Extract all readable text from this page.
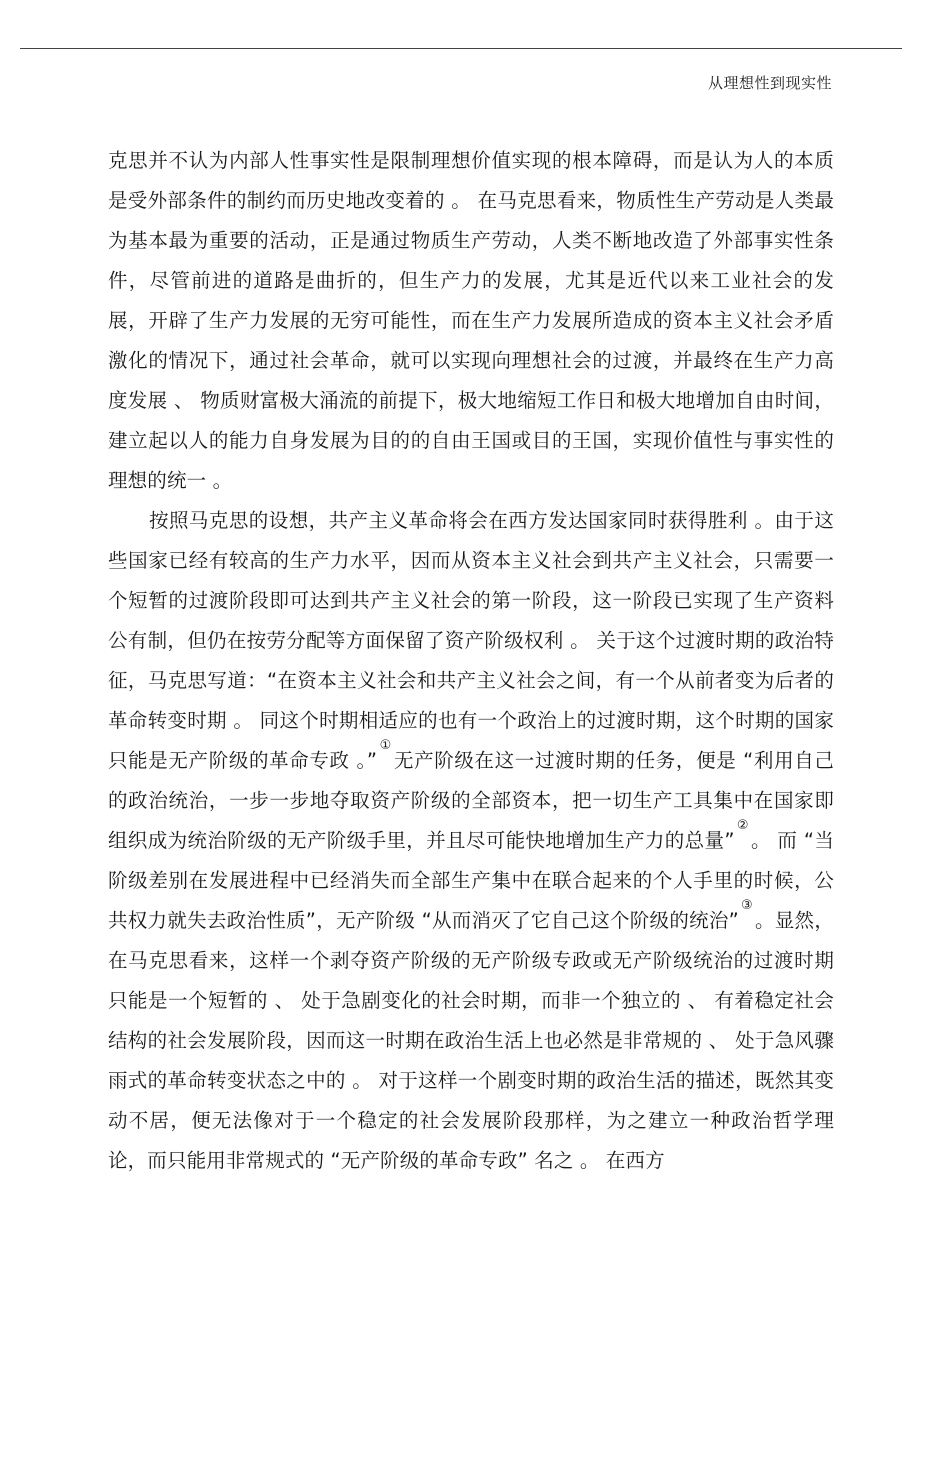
从理想性到现实性

克思并不认为内部人性事实性是限制理想价值实现的根本障碍，而是认为人的本质是受外部条件的制约而历史地改变着的 。 在马克思看来，物质性生产劳动是人类最为基本最为重要的活动，正是通过物质生产劳动，人类不断地改造了外部事实性条件，尽管前进的道路是曲折的，但生产力的发展，尤其是近代以来工业社会的发展，开辟了生产力发展的无穷可能性，而在生产力发展所造成的资本主义社会矛盾激化的情况下，通过社会革命，就可以实现向理想社会的过渡，并最终在生产力高度发展 、 物质财富极大涌流的前提下，极大地缩短工作日和极大地增加自由时间，建立起以人的能力自身发展为目的的自由王国或目的王国，实现价值性与事实性的理想的统一 。

按照马克思的设想，共产主义革命将会在西方发达国家同时获得胜利 。由于这些国家已经有较高的生产力水平，因而从资本主义社会到共产主义社会，只需要一个短暂的过渡阶段即可达到共产主义社会的第一阶段，这一阶段已实现了生产资料公有制，但仍在按劳分配等方面保留了资产阶级权利 。 关于这个过渡时期的政治特征，马克思写道：“在资本主义社会和共产主义社会之间，有一个从前者变为后者的革命转变时期 。 同这个时期相适应的也有一个政治上的过渡时期，这个时期的国家只能是无产阶级的革命专政 。”①无产阶级在这一过渡时期的任务，便是 “利用自己的政治统治，一步一步地夺取资产阶级的全部资本，把一切生产工具集中在国家即组织成为统治阶级的无产阶级手里，并且尽可能快地增加生产力的总量”②。 而 “当阶级差别在发展进程中已经消失而全部生产集中在联合起来的个人手里的时候，公共权力就失去政治性质”，无产阶级 “从而消灭了它自己这个阶级的统治”③。显然，在马克思看来，这样一个剥夺资产阶级的无产阶级专政或无产阶级统治的过渡时期只能是一个短暂的 、 处于急剧变化的社会时期，而非一个独立的 、 有着稳定社会结构的社会发展阶段，因而这一时期在政治生活上也必然是非常规的 、 处于急风骤雨式的革命转变状态之中的 。 对于这样一个剧变时期的政治生活的描述，既然其变动不居，便无法像对于一个稳定的社会发展阶段那样，为之建立一种政治哲学理论，而只能用非常规式的 “无产阶级的革命专政” 名之 。 在西方
